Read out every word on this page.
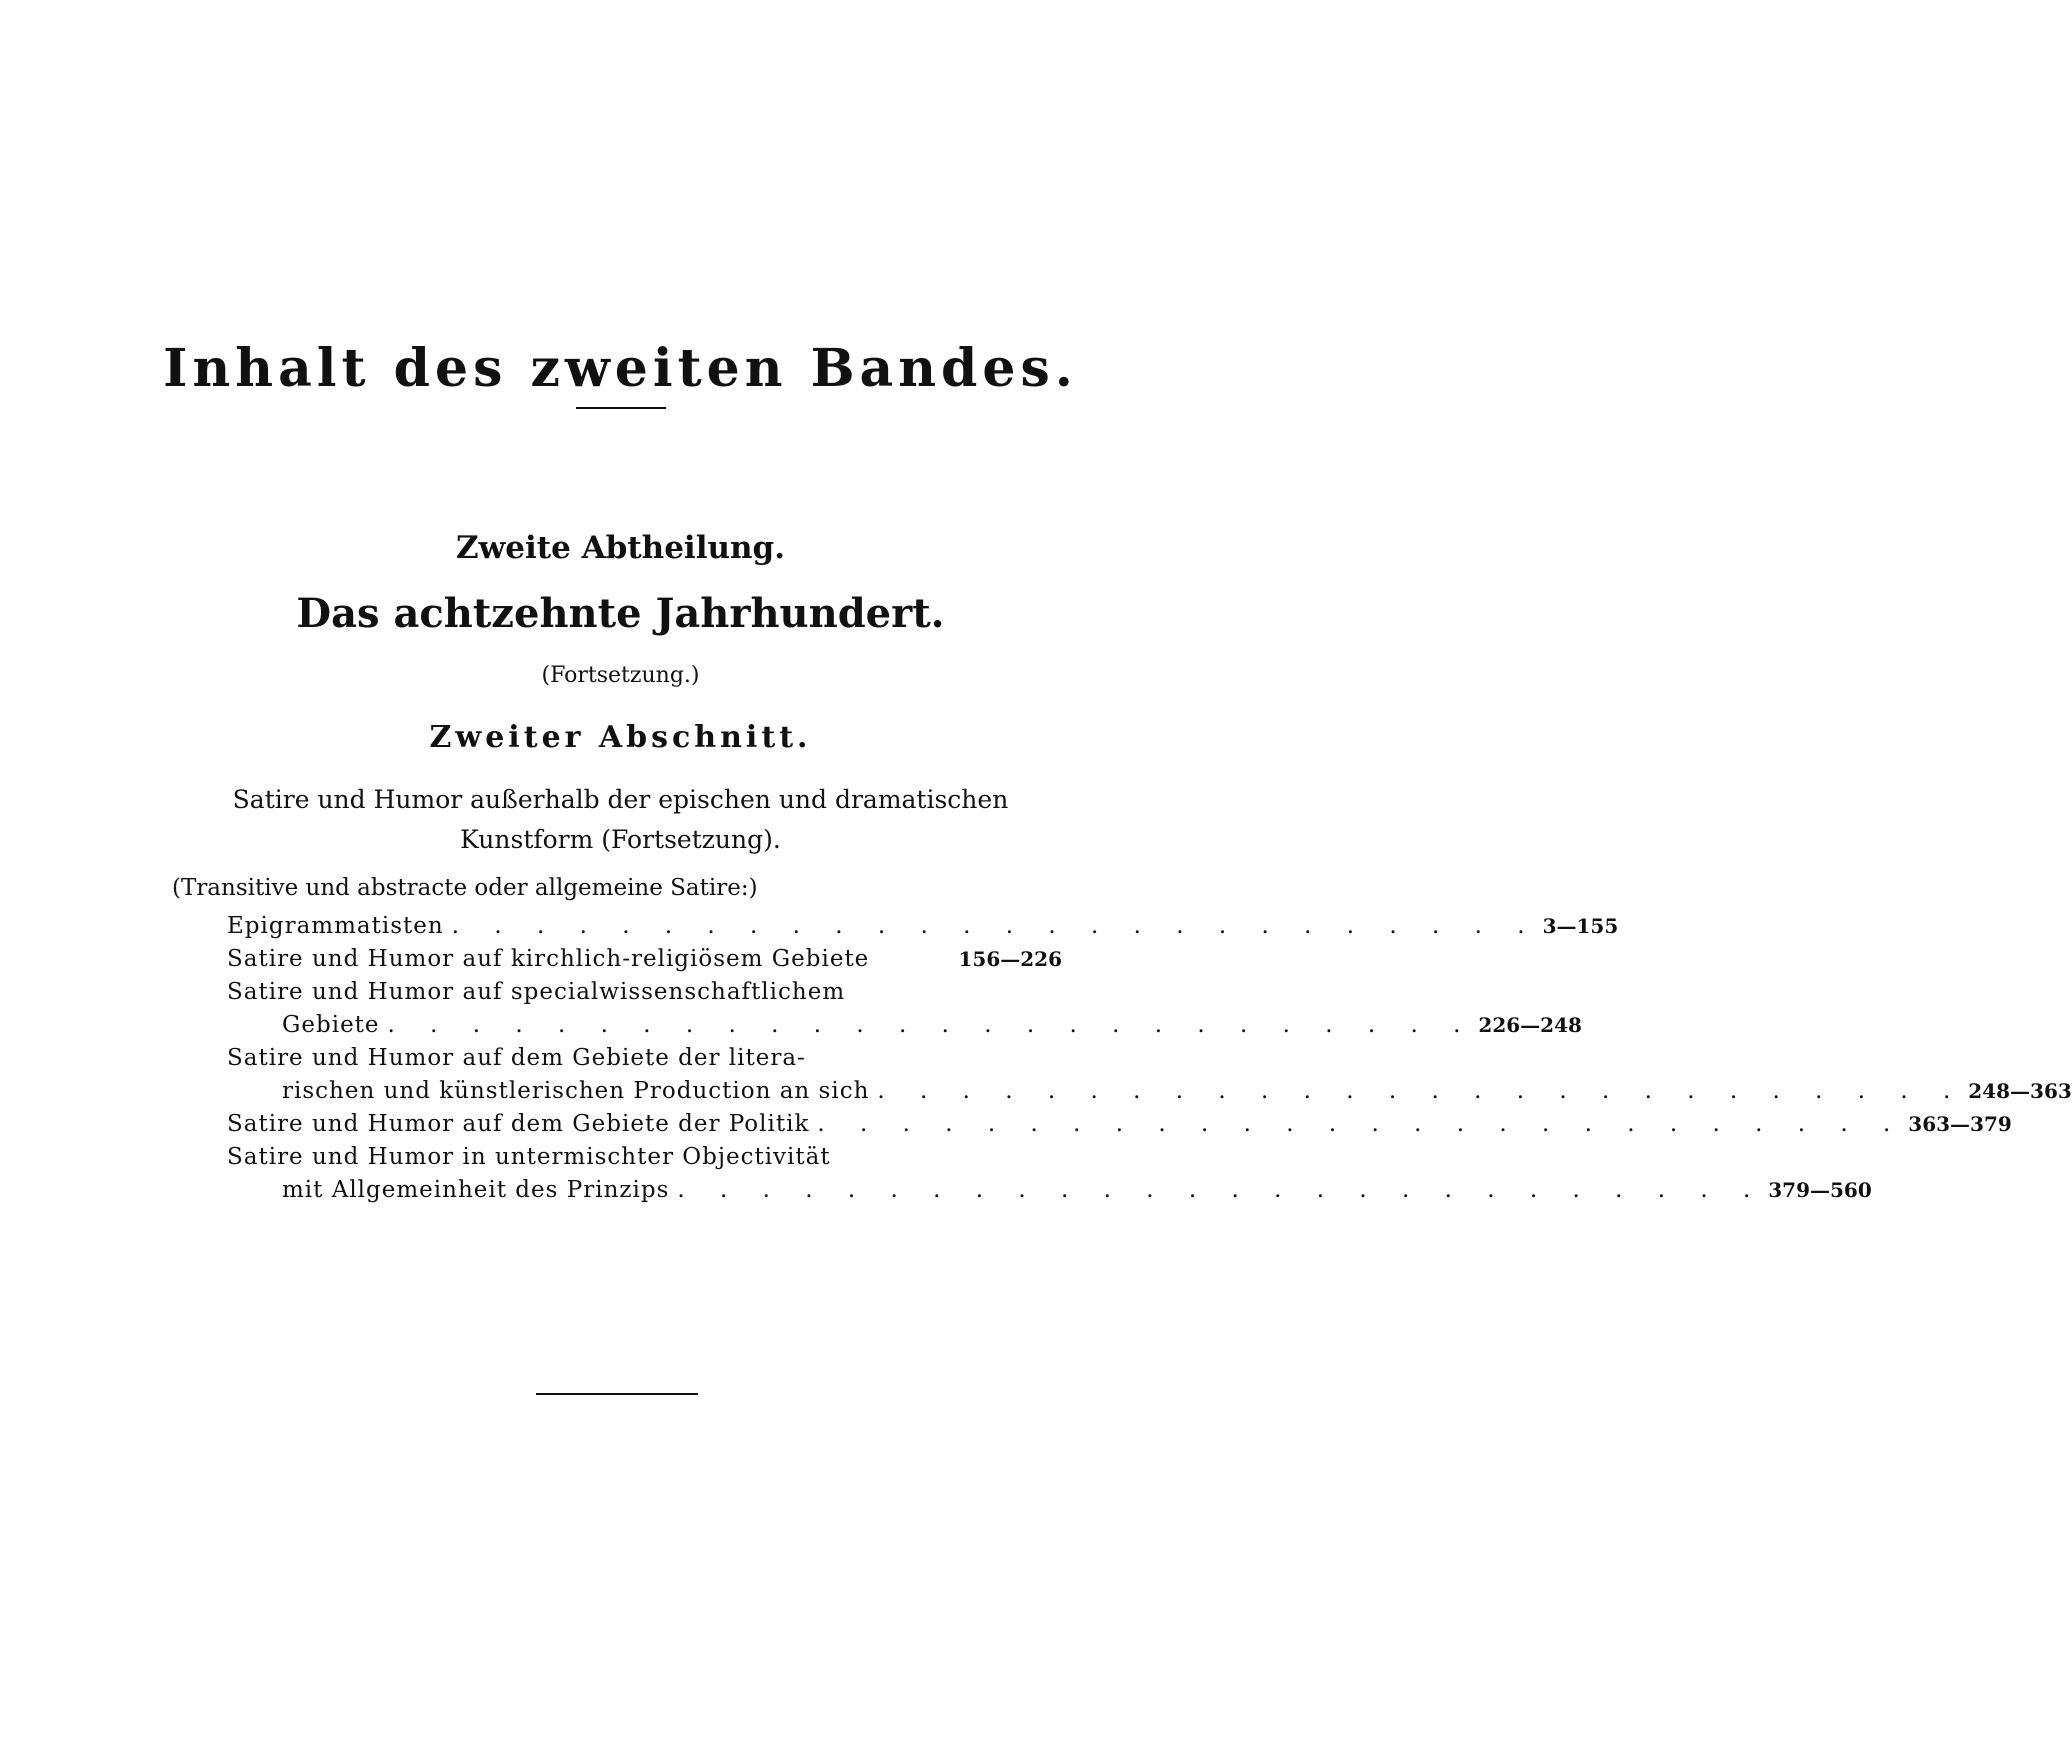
Inhalt des zweiten Bandes.
Zweite Abtheilung.
Das achtzehnte Jahrhundert.
(Fortsetzung.)
Zweiter Abschnitt.
Satire und Humor außerhalb der epischen und dramatischen Kunstform (Fortsetzung).
(Transitive und abstracte oder allgemeine Satire:)
Epigrammatisten . . . . . . . . . . . . . . . . . . . . . . . . . . 3—155
Satire und Humor auf kirchlich-religiösem Gebiete	156—226
Satire und Humor auf specialwissenschaftlichem
Gebiete . . . . . . . . . . . . . . . . . . . . . . . . . . 226—248
Satire und Humor auf dem Gebiete der litera-
rischen und künstlerischen Production an sich . . . . . . . . . . . . . . . . . . . . . . . . . . 248—363
Satire und Humor auf dem Gebiete der Politik . . . . . . . . . . . . . . . . . . . . . . . . . . 363—379
Satire und Humor in untermischter Objectivität
mit Allgemeinheit des Prinzips . . . . . . . . . . . . . . . . . . . . . . . . . . 379—560
